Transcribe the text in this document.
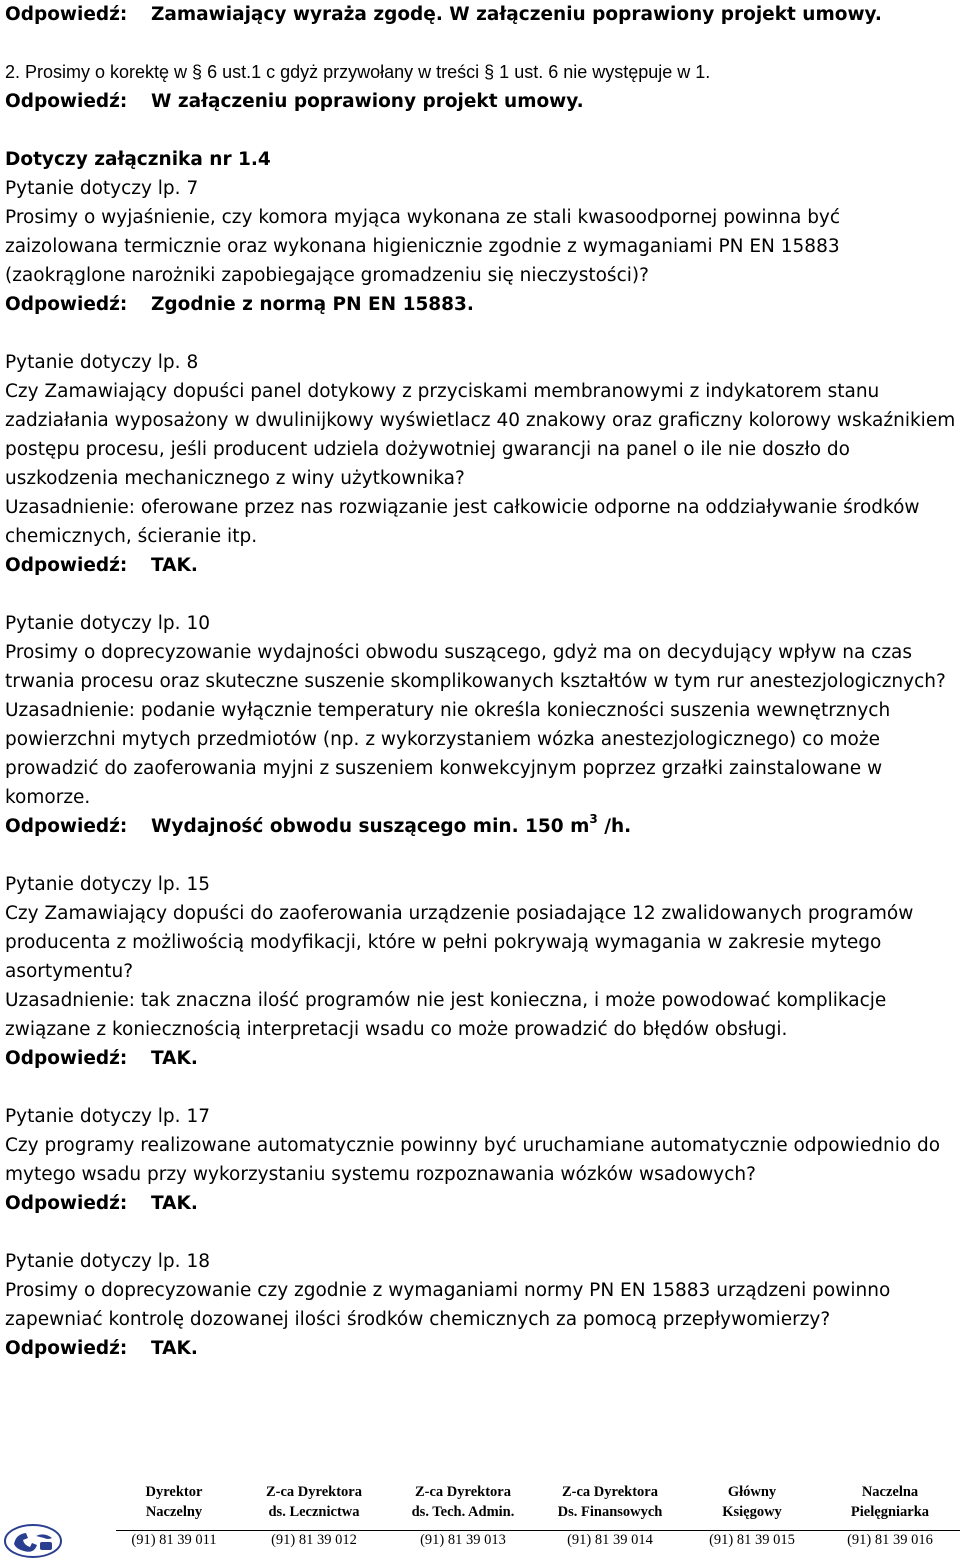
Odpowiedź: Zamawiający wyraża zgodę. W załączeniu poprawiony projekt umowy.
2. Prosimy o korektę w § 6 ust.1 c gdyż przywołany w treści § 1 ust. 6 nie występuje w 1.
Odpowiedź: W załączeniu poprawiony projekt umowy.
Dotyczy załącznika nr 1.4
Pytanie dotyczy lp. 7
Prosimy o wyjaśnienie, czy komora myjąca wykonana ze stali kwasoodpornej powinna być
zaizolowana termicznie oraz wykonana higienicznie zgodnie z wymaganiami PN EN 15883
(zaokrąglone narożniki zapobiegające gromadzeniu się nieczystości)?
Odpowiedź: Zgodnie z normą PN EN 15883.
Pytanie dotyczy lp. 8
Czy Zamawiający dopuści panel dotykowy z przyciskami membranowymi z indykatorem stanu
zadziałania wyposażony w dwulinijkowy wyświetlacz 40 znakowy oraz graficzny kolorowy wskaźnikiem
postępu procesu, jeśli producent udziela dożywotniej gwarancji na panel o ile nie doszło do
uszkodzenia mechanicznego z winy użytkownika?
Uzasadnienie: oferowane przez nas rozwiązanie jest całkowicie odporne na oddziaływanie środków
chemicznych, ścieranie itp.
Odpowiedź: TAK.
Pytanie dotyczy lp. 10
Prosimy o doprecyzowanie wydajności obwodu suszącego, gdyż ma on decydujący wpływ na czas
trwania procesu oraz skuteczne suszenie skomplikowanych kształtów w tym rur anestezjologicznych?
Uzasadnienie: podanie wyłącznie temperatury nie określa konieczności suszenia wewnętrznych
powierzchni mytych przedmiotów (np. z wykorzystaniem wózka anestezjologicznego) co może
prowadzić do zaoferowania myjni z suszeniem konwekcyjnym poprzez grzałki zainstalowane w
komorze.
Odpowiedź: Wydajność obwodu suszącego min. 150 $m^3$ /h.
Pytanie dotyczy lp. 15
Czy Zamawiający dopuści do zaoferowania urządzenie posiadające 12 zwalidowanych programów
producenta z możliwością modyfikacji, które w pełni pokrywają wymagania w zakresie mytego
asortymentu?
Uzasadnienie: tak znaczna ilość programów nie jest konieczna, i może powodować komplikacje
związane z koniecznością interpretacji wsadu co może prowadzić do błędów obsługi.
Odpowiedź: TAK.
Pytanie dotyczy lp. 17
Czy programy realizowane automatycznie powinny być uruchamiane automatycznie odpowiednio do
mytego wsadu przy wykorzystaniu systemu rozpoznawania wózków wsadowych?
Odpowiedź: TAK.
Pytanie dotyczy lp. 18
Prosimy o doprecyzowanie czy zgodnie z wymaganiami normy PN EN 15883 urządzeni powinno
zapewniać kontrolę dozowanej ilości środków chemicznych za pomocą przepływomierzy?
Odpowiedź: TAK.
Dyrektor
Naczelny
(91) 81 39 011
Z-ca Dyrektora
ds. Lecznictwa
(91) 81 39 012
Z-ca Dyrektora
ds. Tech. Admin.
(91) 81 39 013
Z-ca Dyrektora
Ds. Finansowych
(91) 81 39 014
Główny
Księgowy
(91) 81 39 015
Naczelna
Pielęgniarka
(91) 81 39 016
